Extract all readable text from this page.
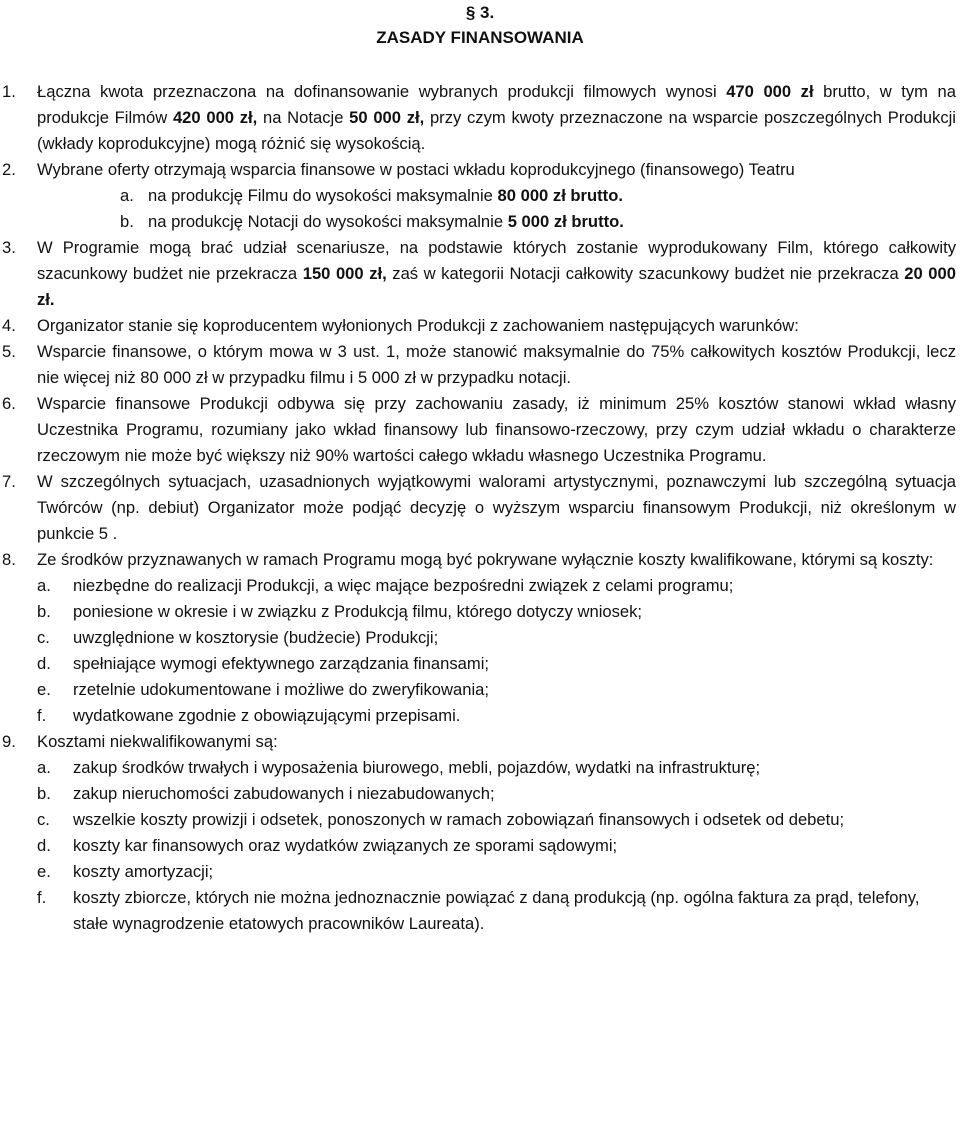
§ 3.
ZASADY FINANSOWANIA
1. Łączna kwota przeznaczona na dofinansowanie wybranych produkcji filmowych wynosi 470 000 zł brutto, w tym na produkcje Filmów 420 000 zł, na Notacje 50 000 zł, przy czym kwoty przeznaczone na wsparcie poszczególnych Produkcji (wkłady koprodukcyjne) mogą różnić się wysokością.
2. Wybrane oferty otrzymają wsparcia finansowe w postaci wkładu koprodukcyjnego (finansowego) Teatru
a. na produkcję Filmu do wysokości maksymalnie 80 000 zł brutto.
b. na produkcję Notacji do wysokości maksymalnie 5 000 zł brutto.
3. W Programie mogą brać udział scenariusze, na podstawie których zostanie wyprodukowany Film, którego całkowity szacunkowy budżet nie przekracza 150 000 zł, zaś w kategorii Notacji całkowity szacunkowy budżet nie przekracza 20 000 zł.
4. Organizator stanie się koproducentem wyłonionych Produkcji z zachowaniem następujących warunków:
5. Wsparcie finansowe, o którym mowa w 3 ust. 1, może stanowić maksymalnie do 75% całkowitych kosztów Produkcji, lecz nie więcej niż 80 000 zł w przypadku filmu i 5 000 zł w przypadku notacji.
6. Wsparcie finansowe Produkcji odbywa się przy zachowaniu zasady, iż minimum 25% kosztów stanowi wkład własny Uczestnika Programu, rozumiany jako wkład finansowy lub finansowo-rzeczowy, przy czym udział wkładu o charakterze rzeczowym nie może być większy niż 90% wartości całego wkładu własnego Uczestnika Programu.
7. W szczególnych sytuacjach, uzasadnionych wyjątkowymi walorami artystycznymi, poznawczymi lub szczególną sytuacja Twórców (np. debiut) Organizator może podjąć decyzję o wyższym wsparciu finansowym Produkcji, niż określonym w punkcie 5 .
8. Ze środków przyznawanych w ramach Programu mogą być pokrywane wyłącznie koszty kwalifikowane, którymi są koszty:
a. niezbędne do realizacji Produkcji, a więc mające bezpośredni związek z celami programu;
b. poniesione w okresie i w związku z Produkcją filmu, którego dotyczy wniosek;
c. uwzględnione w kosztorysie (budżecie) Produkcji;
d. spełniające wymogi efektywnego zarządzania finansami;
e. rzetelnie udokumentowane i możliwe do zweryfikowania;
f. wydatkowane zgodnie z obowiązującymi przepisami.
9. Kosztami niekwalifikowanymi są:
a. zakup środków trwałych i wyposażenia biurowego, mebli, pojazdów, wydatki na infrastrukturę;
b. zakup nieruchomości zabudowanych i niezabudowanych;
c. wszelkie koszty prowizji i odsetek, ponoszonych w ramach zobowiązań finansowych i odsetek od debetu;
d. koszty kar finansowych oraz wydatków związanych ze sporami sądowymi;
e. koszty amortyzacji;
f. koszty zbiorcze, których nie można jednoznacznie powiązać z daną produkcją (np. ogólna faktura za prąd, telefony, stałe wynagrodzenie etatowych pracowników Laureata).
